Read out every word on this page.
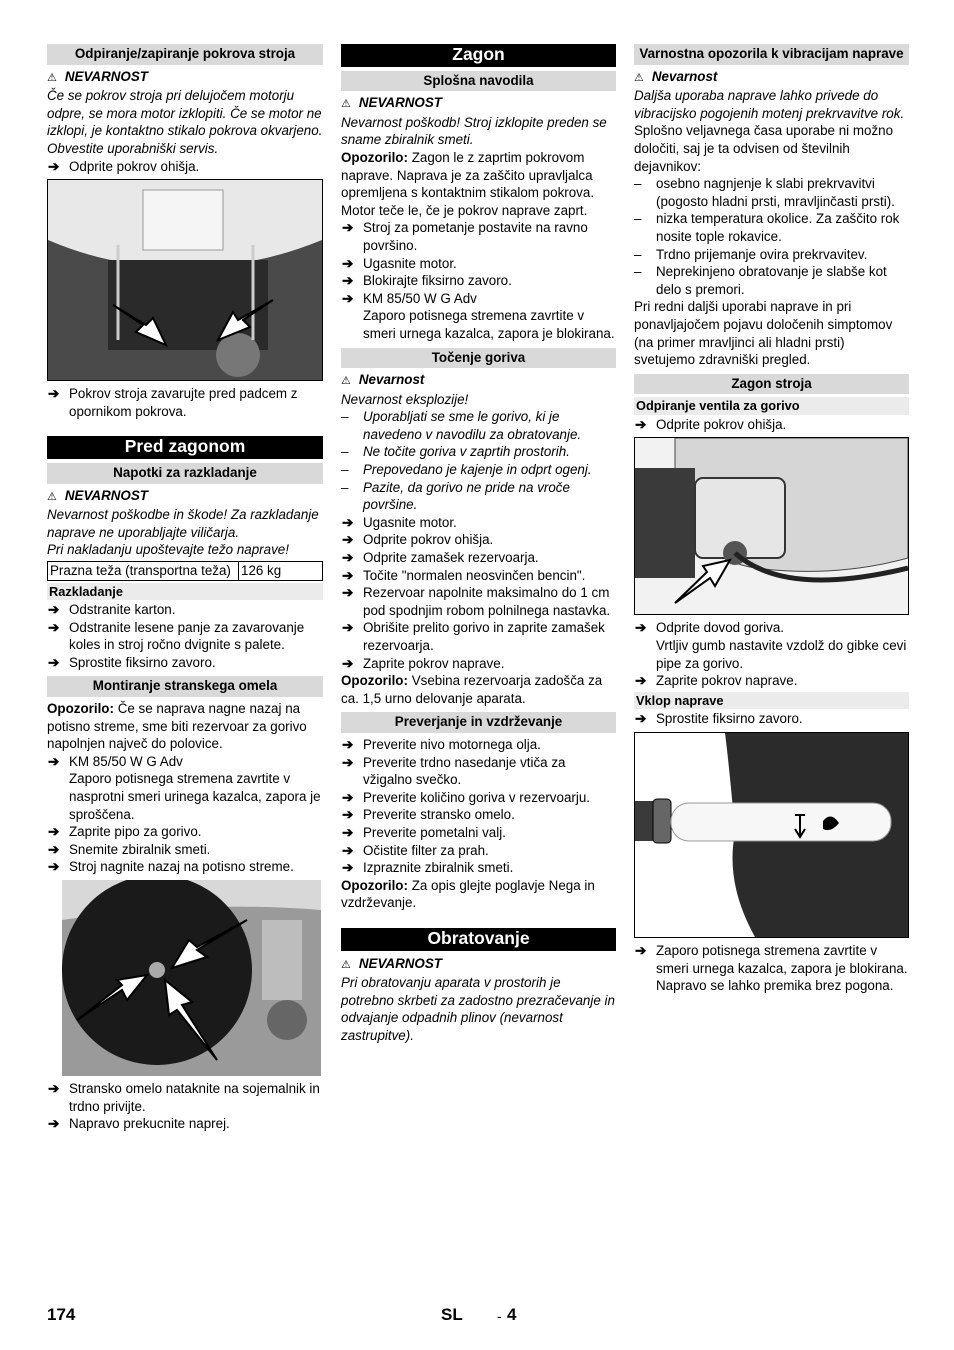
Odpiranje/zapiranje pokrova stroja

⚠ NEVARNOST

Če se pokrov stroja pri delujočem motorju odpre, se mora motor izklopiti. Če se motor ne izklopi, je kontaktno stikalo pokrova okvarjeno. Obvestite uporabniški servis.

➔ Odprite pokrov ohišja.

➔ Pokrov stroja zavarujte pred padcem z opornikom pokrova.

Pred zagonom
Napotki za razkladanje

⚠ NEVARNOST

Nevarnost poškodbe in škode! Za razkladanje naprave ne uporabljajte viličarja.

Pri nakladanju upoštevajte težo naprave!

Prazna teža (transportna teža)	126 kg
Razkladanje

➔ Odstranite karton.

➔ Odstranite lesene panje za zavarovanje koles in stroj ročno dvignite s palete.

➔ Sprostite fiksirno zavoro.

Montiranje stranskega omela

Opozorilo: Če se naprava nagne nazaj na potisno streme, sme biti rezervoar za gorivo napolnjen največ do polovice.

➔ KM 85/50 W G Adv

Zaporo potisnega stremena zavrtite v nasprotni smeri urinega kazalca, zapora je sproščena.

➔ Zaprite pipo za gorivo.

➔ Snemite zbiralnik smeti.

➔ Stroj nagnite nazaj na potisno streme.

➔ Stransko omelo nataknite na sojemalnik in trdno privijte.

➔ Napravo prekucnite naprej.

Zagon
Splošna navodila

⚠ NEVARNOST

Nevarnost poškodb! Stroj izklopite preden se sname zbiralnik smeti.

Opozorilo: Zagon le z zaprtim pokrovom naprave. Naprava je za zaščito upravljalca opremljena s kontaktnim stikalom pokrova. Motor teče le, če je pokrov naprave zaprt.

➔ Stroj za pometanje postavite na ravno površino.

➔ Ugasnite motor.

➔ Blokirajte fiksirno zavoro.

➔ KM 85/50 W G Adv

Zaporo potisnega stremena zavrtite v smeri urnega kazalca, zapora je blokirana.

Točenje goriva

⚠ Nevarnost

Nevarnost eksplozije!

– Uporabljati se sme le gorivo, ki je navedeno v navodilu za obratovanje.

– Ne točite goriva v zaprtih prostorih.

– Prepovedano je kajenje in odprt ogenj.

– Pazite, da gorivo ne pride na vroče površine.

➔ Ugasnite motor.

➔ Odprite pokrov ohišja.

➔ Odprite zamašek rezervoarja.

➔ Točite "normalen neosvinčen bencin".

➔ Rezervoar napolnite maksimalno do 1 cm pod spodnjim robom polnilnega nastavka.

➔ Obrišite prelito gorivo in zaprite zamašek rezervoarja.

➔ Zaprite pokrov naprave.

Opozorilo: Vsebina rezervoarja zadošča za ca. 1,5 urno delovanje aparata.

Preverjanje in vzdrževanje

➔ Preverite nivo motornega olja.

➔ Preverite trdno nasedanje vtiča za vžigalno svečko.

➔ Preverite količino goriva v rezervoarju.

➔ Preverite stransko omelo.

➔ Preverite pometalni valj.

➔ Očistite filter za prah.

➔ Izpraznite zbiralnik smeti.

Opozorilo: Za opis glejte poglavje Nega in vzdrževanje.

Obratovanje

⚠ NEVARNOST

Pri obratovanju aparata v prostorih je potrebno skrbeti za zadostno prezračevanje in odvajanje odpadnih plinov (nevarnost zastrupitve).

Varnostna opozorila k vibracijam naprave

⚠ Nevarnost

Daljša uporaba naprave lahko privede do vibracijsko pogojenih motenj prekrvavitve rok.

Splošno veljavnega časa uporabe ni možno določiti, saj je ta odvisen od številnih dejavnikov:

– osebno nagnjenje k slabi prekrvavitvi (pogosto hladni prsti, mravljinčasti prsti).

– nizka temperatura okolice. Za zaščito rok nosite tople rokavice.

– Trdno prijemanje ovira prekrvavitev.

– Neprekinjeno obratovanje je slabše kot delo s premori.

Pri redni daljši uporabi naprave in pri ponavljajočem pojavu določenih simptomov (na primer mravljinci ali hladni prsti) svetujemo zdravniški pregled.

Zagon stroja
Odpiranje ventila za gorivo

➔ Odprite pokrov ohišja.

➔ Odprite dovod goriva.

Vrtljiv gumb nastavite vzdolž do gibke cevi pipe za gorivo.

➔ Zaprite pokrov naprave.

Vklop naprave

➔ Sprostite fiksirno zavoro.

➔ Zaporo potisnega stremena zavrtite v smeri urnega kazalca, zapora je blokirana.

Napravo se lahko premika brez pogona.

174	SL - 4
